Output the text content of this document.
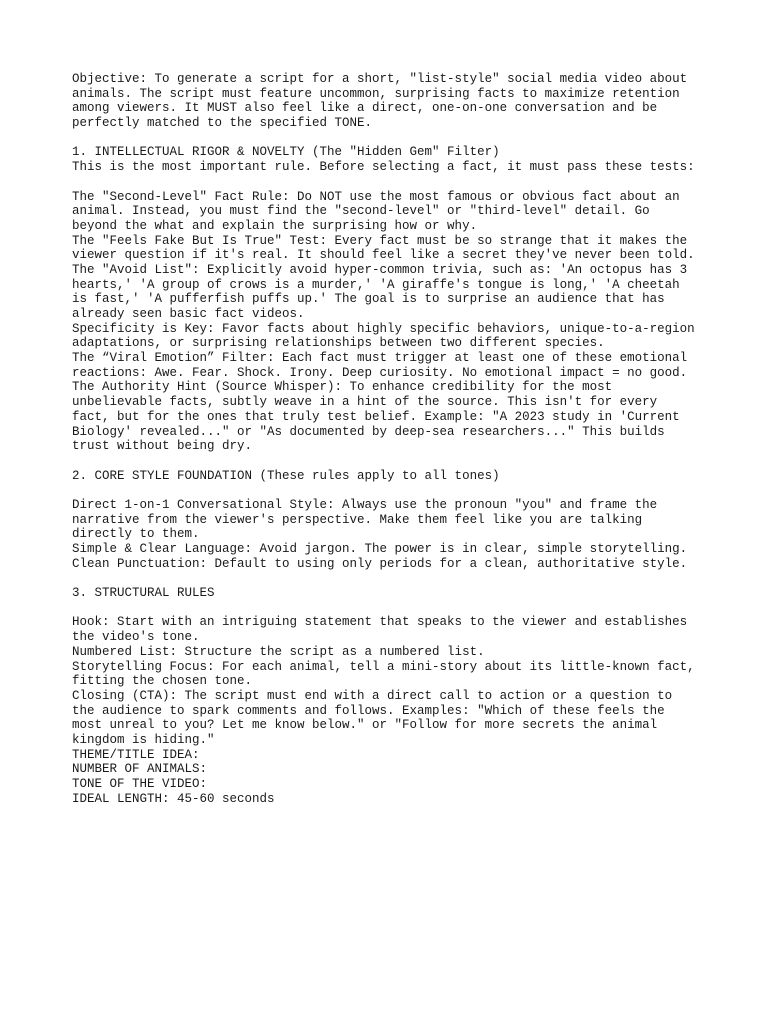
Objective: To generate a script for a short, "list-style" social media video about
animals. The script must feature uncommon, surprising facts to maximize retention
among viewers. It MUST also feel like a direct, one-on-one conversation and be
perfectly matched to the specified TONE.

1. INTELLECTUAL RIGOR & NOVELTY (The "Hidden Gem" Filter)
This is the most important rule. Before selecting a fact, it must pass these tests:

The "Second-Level" Fact Rule: Do NOT use the most famous or obvious fact about an
animal. Instead, you must find the "second-level" or "third-level" detail. Go
beyond the what and explain the surprising how or why.
The "Feels Fake But Is True" Test: Every fact must be so strange that it makes the
viewer question if it's real. It should feel like a secret they've never been told.
The "Avoid List": Explicitly avoid hyper-common trivia, such as: 'An octopus has 3
hearts,' 'A group of crows is a murder,' 'A giraffe's tongue is long,' 'A cheetah
is fast,' 'A pufferfish puffs up.' The goal is to surprise an audience that has
already seen basic fact videos.
Specificity is Key: Favor facts about highly specific behaviors, unique-to-a-region
adaptations, or surprising relationships between two different species.
The “Viral Emotion” Filter: Each fact must trigger at least one of these emotional
reactions: Awe. Fear. Shock. Irony. Deep curiosity. No emotional impact = no good.
The Authority Hint (Source Whisper): To enhance credibility for the most
unbelievable facts, subtly weave in a hint of the source. This isn't for every
fact, but for the ones that truly test belief. Example: "A 2023 study in 'Current
Biology' revealed..." or "As documented by deep-sea researchers..." This builds
trust without being dry.

2. CORE STYLE FOUNDATION (These rules apply to all tones)

Direct 1-on-1 Conversational Style: Always use the pronoun "you" and frame the
narrative from the viewer's perspective. Make them feel like you are talking
directly to them.
Simple & Clear Language: Avoid jargon. The power is in clear, simple storytelling.
Clean Punctuation: Default to using only periods for a clean, authoritative style.

3. STRUCTURAL RULES

Hook: Start with an intriguing statement that speaks to the viewer and establishes
the video's tone.
Numbered List: Structure the script as a numbered list.
Storytelling Focus: For each animal, tell a mini-story about its little-known fact,
fitting the chosen tone.
Closing (CTA): The script must end with a direct call to action or a question to
the audience to spark comments and follows. Examples: "Which of these feels the
most unreal to you? Let me know below." or "Follow for more secrets the animal
kingdom is hiding."
THEME/TITLE IDEA:
NUMBER OF ANIMALS:
TONE OF THE VIDEO:
IDEAL LENGTH: 45-60 seconds
